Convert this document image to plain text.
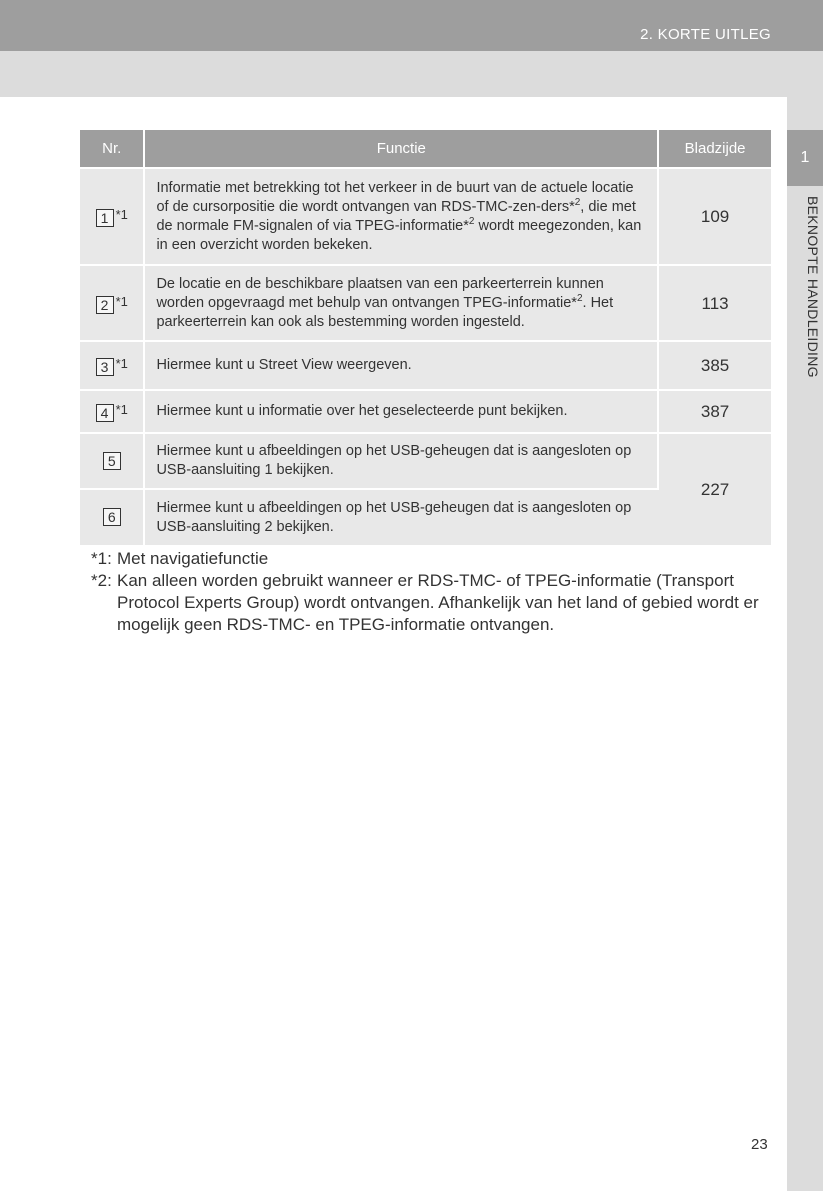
2. KORTE UITLEG
1
BEKNOPTE HANDLEIDING
Nr.	Functie	Bladzijde
1 *1	Informatie met betrekking tot het verkeer in de buurt van de actuele locatie of de cursorpositie die wordt ontvangen van RDS-TMC-zen-ders*$^2$, die met de normale FM-signalen of via TPEG-informatie*$^2$ wordt meegezonden, kan in een overzicht worden bekeken.	109
2 *1	De locatie en de beschikbare plaatsen van een parkeerterrein kunnen worden opgevraagd met behulp van ontvangen TPEG-informatie*$^2$. Het parkeerterrein kan ook als bestemming worden ingesteld.	113
3 *1	Hiermee kunt u Street View weergeven.	385
4 *1	Hiermee kunt u informatie over het geselecteerde punt bekijken.	387
5	Hiermee kunt u afbeeldingen op het USB-geheugen dat is aangesloten op USB-aansluiting 1 bekijken.	227
6	Hiermee kunt u afbeeldingen op het USB-geheugen dat is aangesloten op USB-aansluiting 2 bekijken.	
*1: Met navigatiefunctie
*2: Kan alleen worden gebruikt wanneer er RDS-TMC- of TPEG-informatie (Transport Protocol Experts Group) wordt ontvangen. Afhankelijk van het land of gebied wordt er mogelijk geen RDS-TMC- en TPEG-informatie ontvangen.
23
